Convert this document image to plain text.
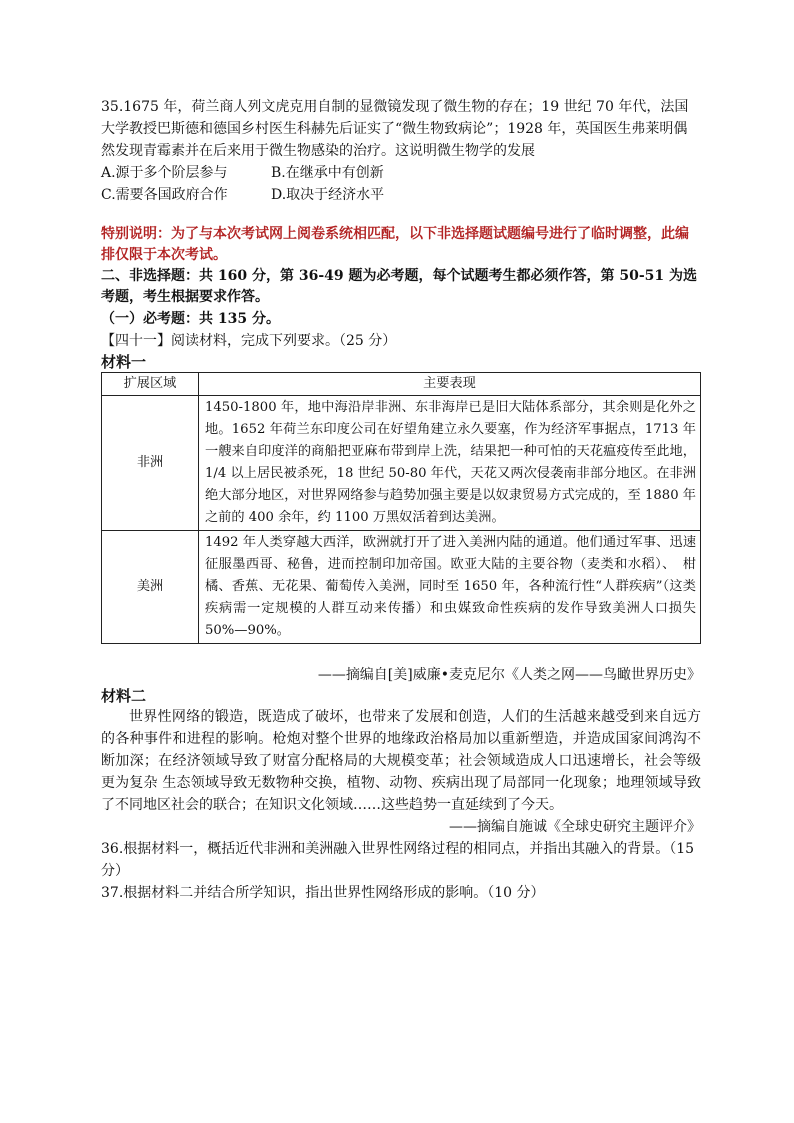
35.1675 年，荷兰商人列文虎克用自制的显微镜发现了微生物的存在；19 世纪 70 年代，法国大学教授巴斯德和德国乡村医生科赫先后证实了“微生物致病论”；1928 年，英国医生弗莱明偶然发现青霉素并在后来用于微生物感染的治疗。这说明微生物学的发展

A.源于多个阶层参与	B.在继承中有创新
C.需要各国政府合作	D.取决于经济水平
特别说明：为了与本次考试网上阅卷系统相匹配，以下非选择题试题编号进行了临时调整，此编　 排仅限于本次考试。
二、非选择题：共 160 分，第 36-49 题为必考题，每个试题考生都必须作答，第 50-51 为选考题，考生根据要求作答。
（一）必考题：共 135 分。

【四十一】阅读材料，完成下列要求。（25 分）

材料一
扩展区域	主要表现
非洲	1450-1800 年，地中海沿岸非洲、东非海岸已是旧大陆体系部分，其余则是化外之地。1652 年荷兰东印度公司在好望角建立永久要塞，作为经济军事据点，1713 年一艘来自印度洋的商船把亚麻布带到岸上洗，结果把一种可怕的天花瘟疫传至此地，1/4 以上居民被杀死，18 世纪 50-80 年代，天花又两次侵袭南非部分地区。在非洲绝大部分地区，对世界网络参与趋势加强主要是以奴隶贸易方式完成的，至 1880 年之前的 400 余年，约 1100 万黑奴活着到达美洲。
美洲	1492 年人类穿越大西洋，欧洲就打开了进入美洲内陆的通道。他们通过军事、迅速征服墨西哥、秘鲁，进而控制印加帝国。欧亚大陆的主要谷物（麦类和水稻）、　柑橘、香蕉、无花果、葡萄传入美洲，同时至 1650 年，各种流行性“人群疾病”（这类疾病需一定规模的人群互动来传播）和虫媒致命性疾病的发作导致美洲人口损失 50%—90%。
——摘编自[美]威廉•麦克尼尔《人类之网——鸟瞰世界历史》
材料二

世界性网络的锻造，既造成了破坏，也带来了发展和创造，人们的生活越来越受到来自远方的各种事件和进程的影响。枪炮对整个世界的地缘政治格局加以重新塑造，并造成国家间鸿沟不断加深；在经济领域导致了财富分配格局的大规模变革；社会领域造成人口迅速增长，社会等级更为复杂 生态领域导致无数物种交换，植物、动物、疾病出现了局部同一化现象；地理领域导致了不同地区社会的联合；在知识文化领域……这些趋势一直延续到了今天。

——摘编自施诚《全球史研究主题评介》

36.根据材料一，概括近代非洲和美洲融入世界性网络过程的相同点，并指出其融入的背景。（15 分）

37.根据材料二并结合所学知识，指出世界性网络形成的影响。（10 分）
